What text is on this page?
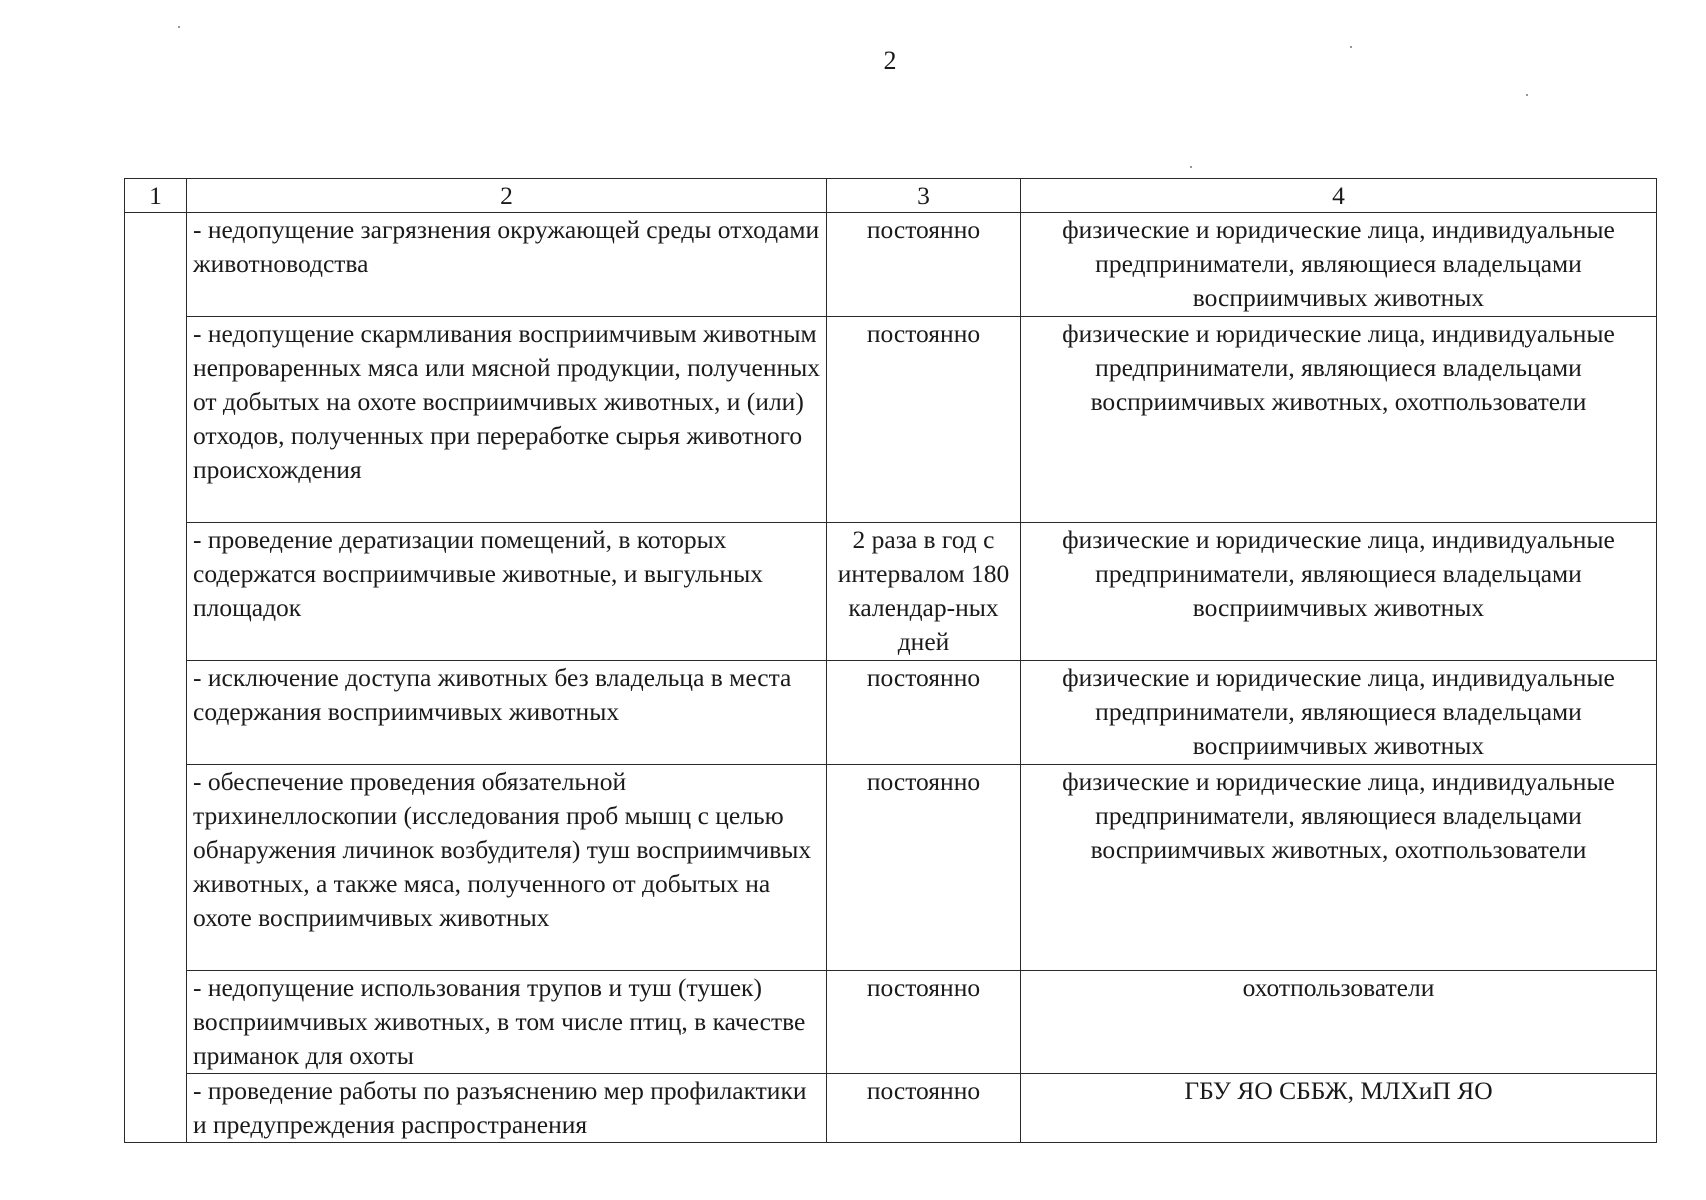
2
1	2	3	4
	- недопущение загрязнения окружающей среды отходами животноводства	постоянно	физические и юридические лица, индивидуальные предприниматели, являющиеся владельцами восприимчивых животных
	- недопущение скармливания восприимчивым животным непроваренных мяса или мясной продукции, полученных от добытых на охоте восприимчивых животных, и (или) отходов, полученных при переработке сырья животного происхождения	постоянно	физические и юридические лица, индивидуальные предприниматели, являющиеся владельцами восприимчивых животных, охотпользователи
	- проведение дератизации помещений, в которых содержатся восприимчивые животные, и выгульных площадок	2 раза в год с интервалом 180 календар-ных дней	физические и юридические лица, индивидуальные предприниматели, являющиеся владельцами восприимчивых животных
	- исключение доступа животных без владельца в места содержания восприимчивых животных	постоянно	физические и юридические лица, индивидуальные предприниматели, являющиеся владельцами восприимчивых животных
	- обеспечение проведения обязательной трихинеллоскопии (исследования проб мышц с целью обнаружения личинок возбудителя) туш восприимчивых животных, а также мяса, полученного от добытых на охоте восприимчивых животных	постоянно	физические и юридические лица, индивидуальные предприниматели, являющиеся владельцами восприимчивых животных, охотпользователи
	- недопущение использования трупов и туш (тушек) восприимчивых животных, в том числе птиц, в качестве приманок для охоты	постоянно	охотпользователи
	- проведение работы по разъяснению мер профилактики и предупреждения распространения	постоянно	ГБУ ЯО СББЖ, МЛХиП ЯО
